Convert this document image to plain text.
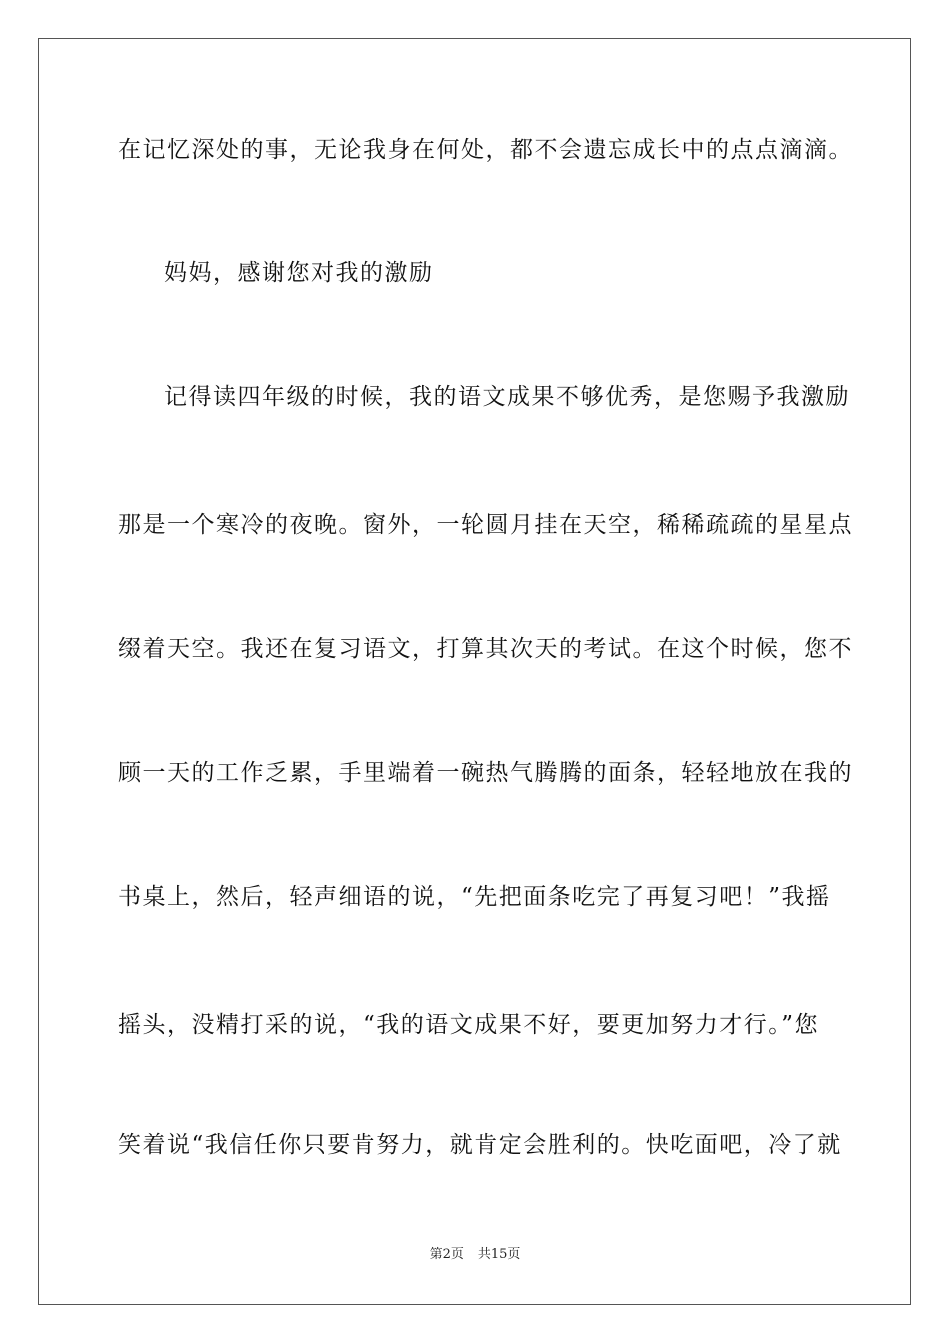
在记忆深处的事，无论我身在何处，都不会遗忘成长中的点点滴滴。
妈妈，感谢您对我的激励
记得读四年级的时候，我的语文成果不够优秀，是您赐予我激励
那是一个寒冷的夜晚。窗外，一轮圆月挂在天空，稀稀疏疏的星星点
缀着天空。我还在复习语文，打算其次天的考试。在这个时候，您不
顾一天的工作乏累，手里端着一碗热气腾腾的面条，轻轻地放在我的
书桌上，然后，轻声细语的说，“先把面条吃完了再复习吧！”我摇
摇头，没精打采的说，“我的语文成果不好，要更加努力才行。”您
笑着说“我信任你只要肯努力，就肯定会胜利的。快吃面吧，冷了就
第2页 共15页
